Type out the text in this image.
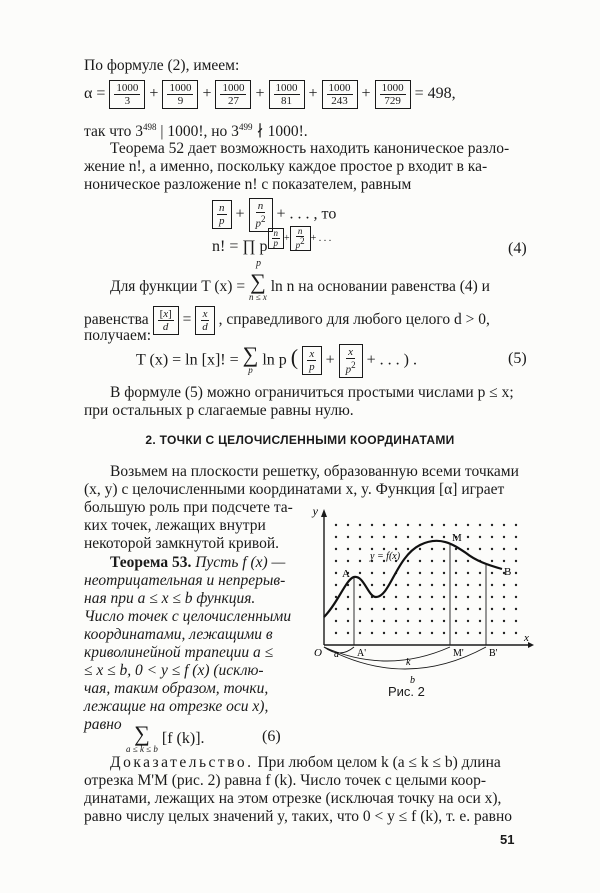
По формуле (2), имеем:
$\alpha = \frac{1000}{3} + \frac{1000}{9} + \frac{1000}{27} + \frac{1000}{81} + \frac{1000}{243} + \frac{1000}{729} = 498$,
так что $3^{498}$ | 1000!, но $3^{499}$ ∤ 1000!.
Теорема 52 дает возможность находить каноническое разло-
жение n!, а именно, поскольку каждое простое p входит в ка-
ноническое разложение n! с показателем, равным
n
p + n
$p^2$ + . . . , то
n! = ∏ p
$^{n p + n p^2 + . . .}$
p
(4)
Для функции T (x) = ∑
n ≤ x
ln n на основании равенства (4) и
равенства [x]
d = x
d , справедливого для любого целого d > 0,
получаем:
T (x) = ln [x]! = ∑
p
ln p ( x
p + x
$p^2$ + . . . ) .	(5)
В формуле (5) можно ограничиться простыми числами p ≤ x;
при остальных p слагаемые равны нулю.
2. ТОЧКИ С ЦЕЛОЧИСЛЕННЫМИ КООРДИНАТАМИ
Возьмем на плоскости решетку, образованную всеми точками
(x, y) с целочисленными координатами x, y. Функция [α] играет
большую роль при подсчете та-
ких точек, лежащих внутри
некоторой замкнутой кривой.
Теорема 53. Пусть f (x) —
неотрицательная и непрерыв-
ная при a ≤ x ≤ b функция.
Число точек с целочисленными
координатами, лежащими в
криволинейной трапеции a ≤
≤ x ≤ b, 0 < y ≤ f (x) (исклю-
чая, таким образом, точки,
лежащие на отрезке оси x),
равно ∑
a ≤ k ≤ b
[f (k)].	(6)
y
x
O
y = f(x)
A
M
B
a A'
k
M'	B'
b
Рис. 2
Доказательство. При любом целом k (a ≤ k ≤ b) длина
отрезка M'M (рис. 2) равна f (k). Число точек с целыми коор-
динатами, лежащих на этом отрезке (исключая точку на оси x),
равно числу целых значений y, таких, что 0 < y ≤ f (k), т. е. равно
51
